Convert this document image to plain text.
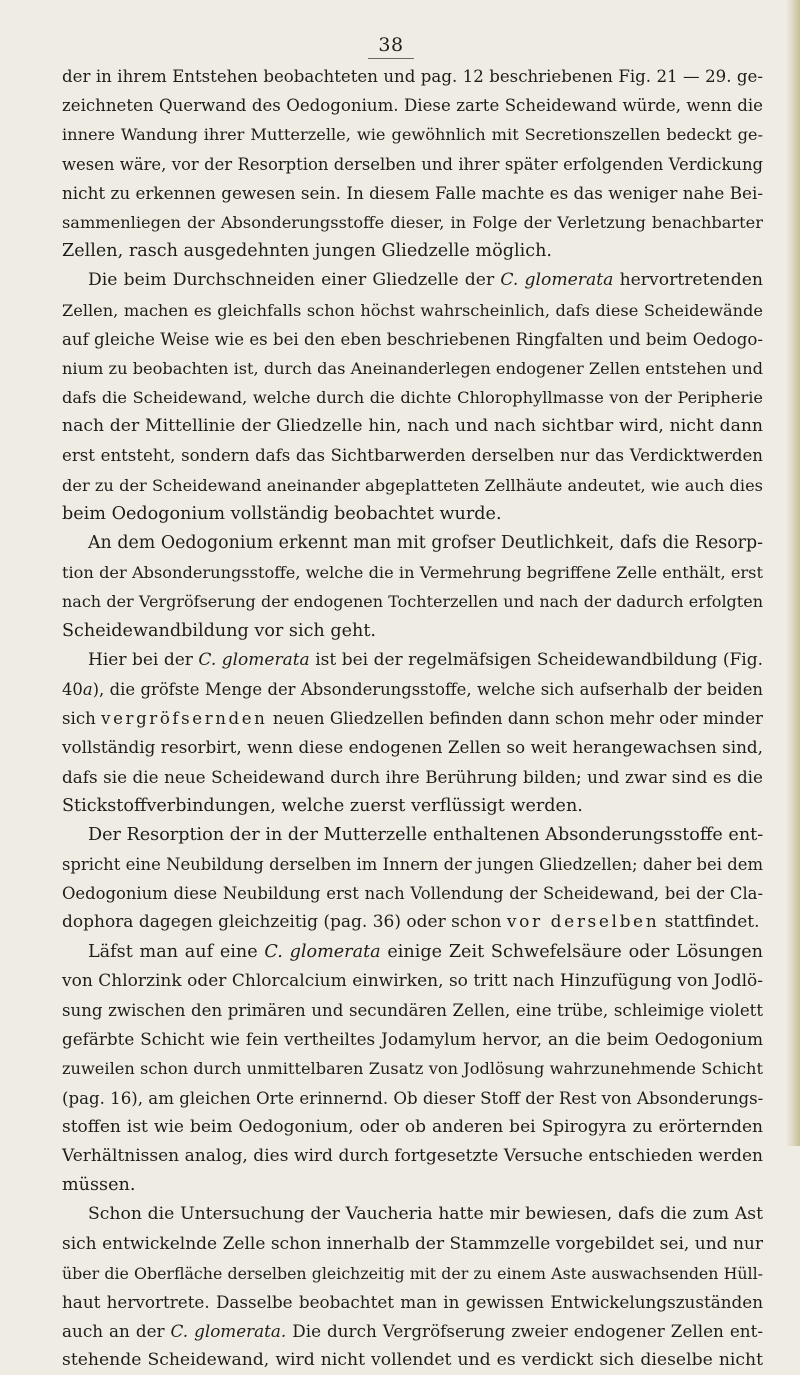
38
der in ihrem Entstehen beobachteten und pag. 12 beschriebenen Fig. 21 — 29. ge-
zeichneten Querwand des Oedogonium. Diese zarte Scheidewand würde, wenn die
innere Wandung ihrer Mutterzelle, wie gewöhnlich mit Secretionszellen bedeckt ge-
wesen wäre, vor der Resorption derselben und ihrer später erfolgenden Verdickung
nicht zu erkennen gewesen sein. In diesem Falle machte es das weniger nahe Bei-
sammenliegen der Absonderungsstoffe dieser, in Folge der Verletzung benachbarter
Zellen, rasch ausgedehnten jungen Gliedzelle möglich.
Die beim Durchschneiden einer Gliedzelle der C. glomerata hervortretenden
Zellen, machen es gleichfalls schon höchst wahrscheinlich, dafs diese Scheidewände
auf gleiche Weise wie es bei den eben beschriebenen Ringfalten und beim Oedogo-
nium zu beobachten ist, durch das Aneinanderlegen endogener Zellen entstehen und
dafs die Scheidewand, welche durch die dichte Chlorophyllmasse von der Peripherie
nach der Mittellinie der Gliedzelle hin, nach und nach sichtbar wird, nicht dann
erst entsteht, sondern dafs das Sichtbarwerden derselben nur das Verdicktwerden
der zu der Scheidewand aneinander abgeplatteten Zellhäute andeutet, wie auch dies
beim Oedogonium vollständig beobachtet wurde.
An dem Oedogonium erkennt man mit grofser Deutlichkeit, dafs die Resorp-
tion der Absonderungsstoffe, welche die in Vermehrung begriffene Zelle enthält, erst
nach der Vergröfserung der endogenen Tochterzellen und nach der dadurch erfolgten
Scheidewandbildung vor sich geht.
Hier bei der C. glomerata ist bei der regelmäfsigen Scheidewandbildung (Fig.
40a), die gröfste Menge der Absonderungsstoffe, welche sich aufserhalb der beiden
sich vergröfsernden neuen Gliedzellen befinden dann schon mehr oder minder
vollständig resorbirt, wenn diese endogenen Zellen so weit herangewachsen sind,
dafs sie die neue Scheidewand durch ihre Berührung bilden; und zwar sind es die
Stickstoffverbindungen, welche zuerst verflüssigt werden.
Der Resorption der in der Mutterzelle enthaltenen Absonderungsstoffe ent-
spricht eine Neubildung derselben im Innern der jungen Gliedzellen; daher bei dem
Oedogonium diese Neubildung erst nach Vollendung der Scheidewand, bei der Cla-
dophora dagegen gleichzeitig (pag. 36) oder schon vor derselben stattfindet.
Läfst man auf eine C. glomerata einige Zeit Schwefelsäure oder Lösungen
von Chlorzink oder Chlorcalcium einwirken, so tritt nach Hinzufügung von Jodlö-
sung zwischen den primären und secundären Zellen, eine trübe, schleimige violett
gefärbte Schicht wie fein vertheiltes Jodamylum hervor, an die beim Oedogonium
zuweilen schon durch unmittelbaren Zusatz von Jodlösung wahrzunehmende Schicht
(pag. 16), am gleichen Orte erinnernd. Ob dieser Stoff der Rest von Absonderungs-
stoffen ist wie beim Oedogonium, oder ob anderen bei Spirogyra zu erörternden
Verhältnissen analog, dies wird durch fortgesetzte Versuche entschieden werden
müssen.
Schon die Untersuchung der Vaucheria hatte mir bewiesen, dafs die zum Ast
sich entwickelnde Zelle schon innerhalb der Stammzelle vorgebildet sei, und nur
über die Oberfläche derselben gleichzeitig mit der zu einem Aste auswachsenden Hüll-
haut hervortrete. Dasselbe beobachtet man in gewissen Entwickelungszuständen
auch an der C. glomerata. Die durch Vergröfserung zweier endogener Zellen ent-
stehende Scheidewand, wird nicht vollendet und es verdickt sich dieselbe nicht
